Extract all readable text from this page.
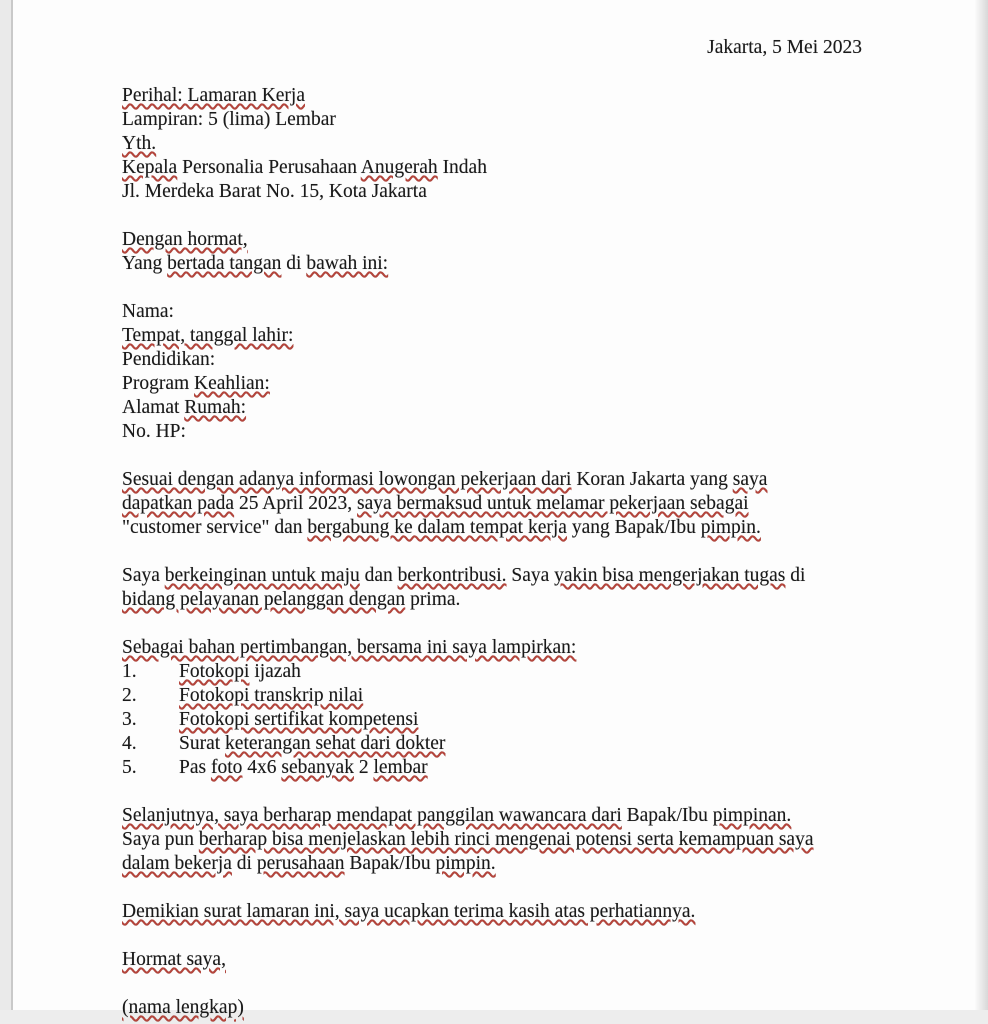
Jakarta, 5 Mei 2023
Perihal: Lamaran Kerja
Lampiran: 5 (lima) Lembar
Yth.
Kepala Personalia Perusahaan Anugerah Indah
Jl. Merdeka Barat No. 15, Kota Jakarta
Dengan hormat,
Yang bertada tangan di bawah ini:
Nama:
Tempat, tanggal lahir:
Pendidikan:
Program Keahlian:
Alamat Rumah:
No. HP:
Sesuai dengan adanya informasi lowongan pekerjaan dari Koran Jakarta yang saya
dapatkan pada 25 April 2023, saya bermaksud untuk melamar pekerjaan sebagai
"customer service" dan bergabung ke dalam tempat kerja yang Bapak/Ibu pimpin.
Saya berkeinginan untuk maju dan berkontribusi. Saya yakin bisa mengerjakan tugas di
bidang pelayanan pelanggan dengan prima.
Sebagai bahan pertimbangan, bersama ini saya lampirkan:
1. Fotokopi ijazah
2. Fotokopi transkrip nilai
3. Fotokopi sertifikat kompetensi
4. Surat keterangan sehat dari dokter
5. Pas foto 4x6 sebanyak 2 lembar
Selanjutnya, saya berharap mendapat panggilan wawancara dari Bapak/Ibu pimpinan.
Saya pun berharap bisa menjelaskan lebih rinci mengenai potensi serta kemampuan saya
dalam bekerja di perusahaan Bapak/Ibu pimpin.
Demikian surat lamaran ini, saya ucapkan terima kasih atas perhatiannya.
Hormat saya,
(nama lengkap)
